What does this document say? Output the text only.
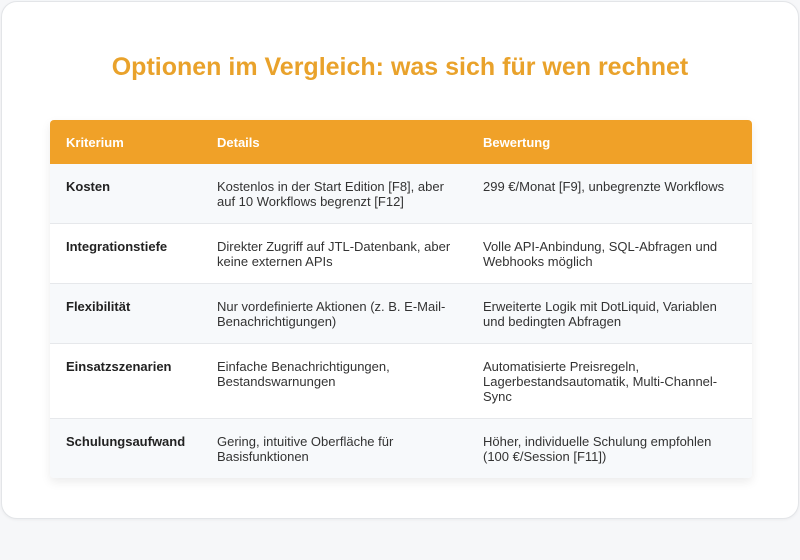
Optionen im Vergleich: was sich für wen rechnet
Kriterium	Details	Bewertung
Kosten	Kostenlos in der Start Edition [F8], aber auf 10 Workflows begrenzt [F12]	299 €/Monat [F9], unbegrenzte Workflows
Integrationstiefe	Direkter Zugriff auf JTL-Datenbank, aber keine externen APIs	Volle API-Anbindung, SQL-Abfragen und Webhooks möglich
Flexibilität	Nur vordefinierte Aktionen (z. B. E-Mail-Benachrichtigungen)	Erweiterte Logik mit DotLiquid, Variablen und bedingten Abfragen
Einsatzszenarien	Einfache Benachrichtigungen, Bestandswarnungen	Automatisierte Preisregeln, Lagerbestandsautomatik, Multi-Channel-Sync
Schulungsaufwand	Gering, intuitive Oberfläche für Basisfunktionen	Höher, individuelle Schulung empfohlen (100 €/Session [F11])
